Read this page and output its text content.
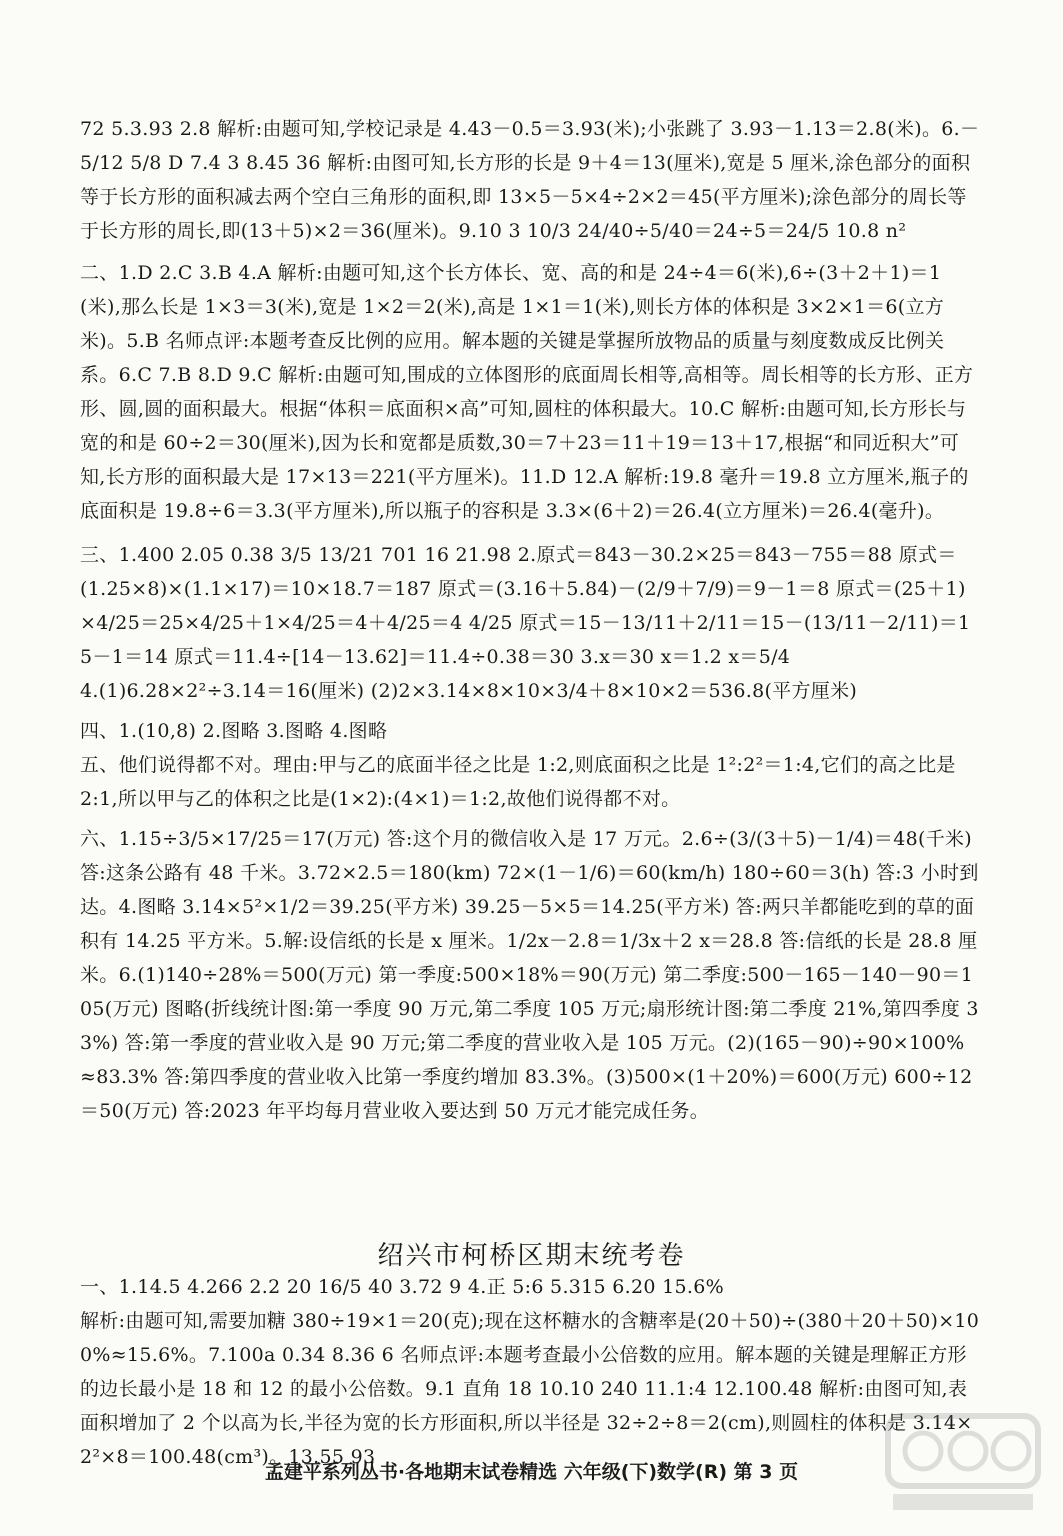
72 5.3.93 2.8 解析:由题可知,学校记录是 4.43－0.5＝3.93(米);小张跳了 3.93－1.13＝2.8(米)。6.－5/12 5/8 D 7.4 3 8.45 36 解析:由图可知,长方形的长是 9＋4＝13(厘米),宽是 5 厘米,涂色部分的面积等于长方形的面积减去两个空白三角形的面积,即 13×5－5×4÷2×2＝45(平方厘米);涂色部分的周长等于长方形的周长,即(13＋5)×2＝36(厘米)。9.10 3 10/3 24/40÷5/40＝24÷5＝24/5 10.8 n²

二、1.D 2.C 3.B 4.A 解析:由题可知,这个长方体长、宽、高的和是 24÷4＝6(米),6÷(3＋2＋1)＝1(米),那么长是 1×3＝3(米),宽是 1×2＝2(米),高是 1×1＝1(米),则长方体的体积是 3×2×1＝6(立方米)。5.B 名师点评:本题考查反比例的应用。解本题的关键是掌握所放物品的质量与刻度数成反比例关系。6.C 7.B 8.D 9.C 解析:由题可知,围成的立体图形的底面周长相等,高相等。周长相等的长方形、正方形、圆,圆的面积最大。根据“体积＝底面积×高”可知,圆柱的体积最大。10.C 解析:由题可知,长方形长与宽的和是 60÷2＝30(厘米),因为长和宽都是质数,30＝7＋23＝11＋19＝13＋17,根据“和同近积大”可知,长方形的面积最大是 17×13＝221(平方厘米)。11.D 12.A 解析:19.8 毫升＝19.8 立方厘米,瓶子的底面积是 19.8÷6＝3.3(平方厘米),所以瓶子的容积是 3.3×(6＋2)＝26.4(立方厘米)＝26.4(毫升)。

三、1.400 2.05 0.38 3/5 13/21 701 16 21.98 2.原式＝843－30.2×25＝843－755＝88 原式＝(1.25×8)×(1.1×17)＝10×18.7＝187 原式＝(3.16＋5.84)－(2/9＋7/9)＝9－1＝8 原式＝(25＋1)×4/25＝25×4/25＋1×4/25＝4＋4/25＝4 4/25 原式＝15－13/11＋2/11＝15－(13/11－2/11)＝15－1＝14 原式＝11.4÷[14－13.62]＝11.4÷0.38＝30 3.x＝30 x＝1.2 x＝5/4

4.(1)6.28×2²÷3.14＝16(厘米) (2)2×3.14×8×10×3/4＋8×10×2＝536.8(平方厘米)

四、1.(10,8) 2.图略 3.图略 4.图略

五、他们说得都不对。理由:甲与乙的底面半径之比是 1:2,则底面积之比是 1²:2²＝1:4,它们的高之比是 2:1,所以甲与乙的体积之比是(1×2):(4×1)＝1:2,故他们说得都不对。

六、1.15÷3/5×17/25＝17(万元) 答:这个月的微信收入是 17 万元。2.6÷(3/(3＋5)－1/4)＝48(千米) 答:这条公路有 48 千米。3.72×2.5＝180(km) 72×(1－1/6)＝60(km/h) 180÷60＝3(h) 答:3 小时到达。4.图略 3.14×5²×1/2＝39.25(平方米) 39.25－5×5＝14.25(平方米) 答:两只羊都能吃到的草的面积有 14.25 平方米。5.解:设信纸的长是 x 厘米。1/2x－2.8＝1/3x＋2 x＝28.8 答:信纸的长是 28.8 厘米。6.(1)140÷28%＝500(万元) 第一季度:500×18%＝90(万元) 第二季度:500－165－140－90＝105(万元) 图略(折线统计图:第一季度 90 万元,第二季度 105 万元;扇形统计图:第二季度 21%,第四季度 33%) 答:第一季度的营业收入是 90 万元;第二季度的营业收入是 105 万元。(2)(165－90)÷90×100%≈83.3% 答:第四季度的营业收入比第一季度约增加 83.3%。(3)500×(1＋20%)＝600(万元) 600÷12＝50(万元) 答:2023 年平均每月营业收入要达到 50 万元才能完成任务。

绍兴市柯桥区期末统考卷

一、1.14.5 4.266 2.2 20 16/5 40 3.72 9 4.正 5:6 5.315 6.20 15.6%

解析:由题可知,需要加糖 380÷19×1＝20(克);现在这杯糖水的含糖率是(20＋50)÷(380＋20＋50)×100%≈15.6%。7.100a 0.34 8.36 6 名师点评:本题考查最小公倍数的应用。解本题的关键是理解正方形的边长最小是 18 和 12 的最小公倍数。9.1 直角 18 10.10 240 11.1:4 12.100.48 解析:由图可知,表面积增加了 2 个以高为长,半径为宽的长方形面积,所以半径是 32÷2÷8＝2(cm),则圆柱的体积是 3.14×2²×8＝100.48(cm³)。13.55 93

孟建平系列丛书·各地期末试卷精选 六年级(下)数学(R) 第 3 页
